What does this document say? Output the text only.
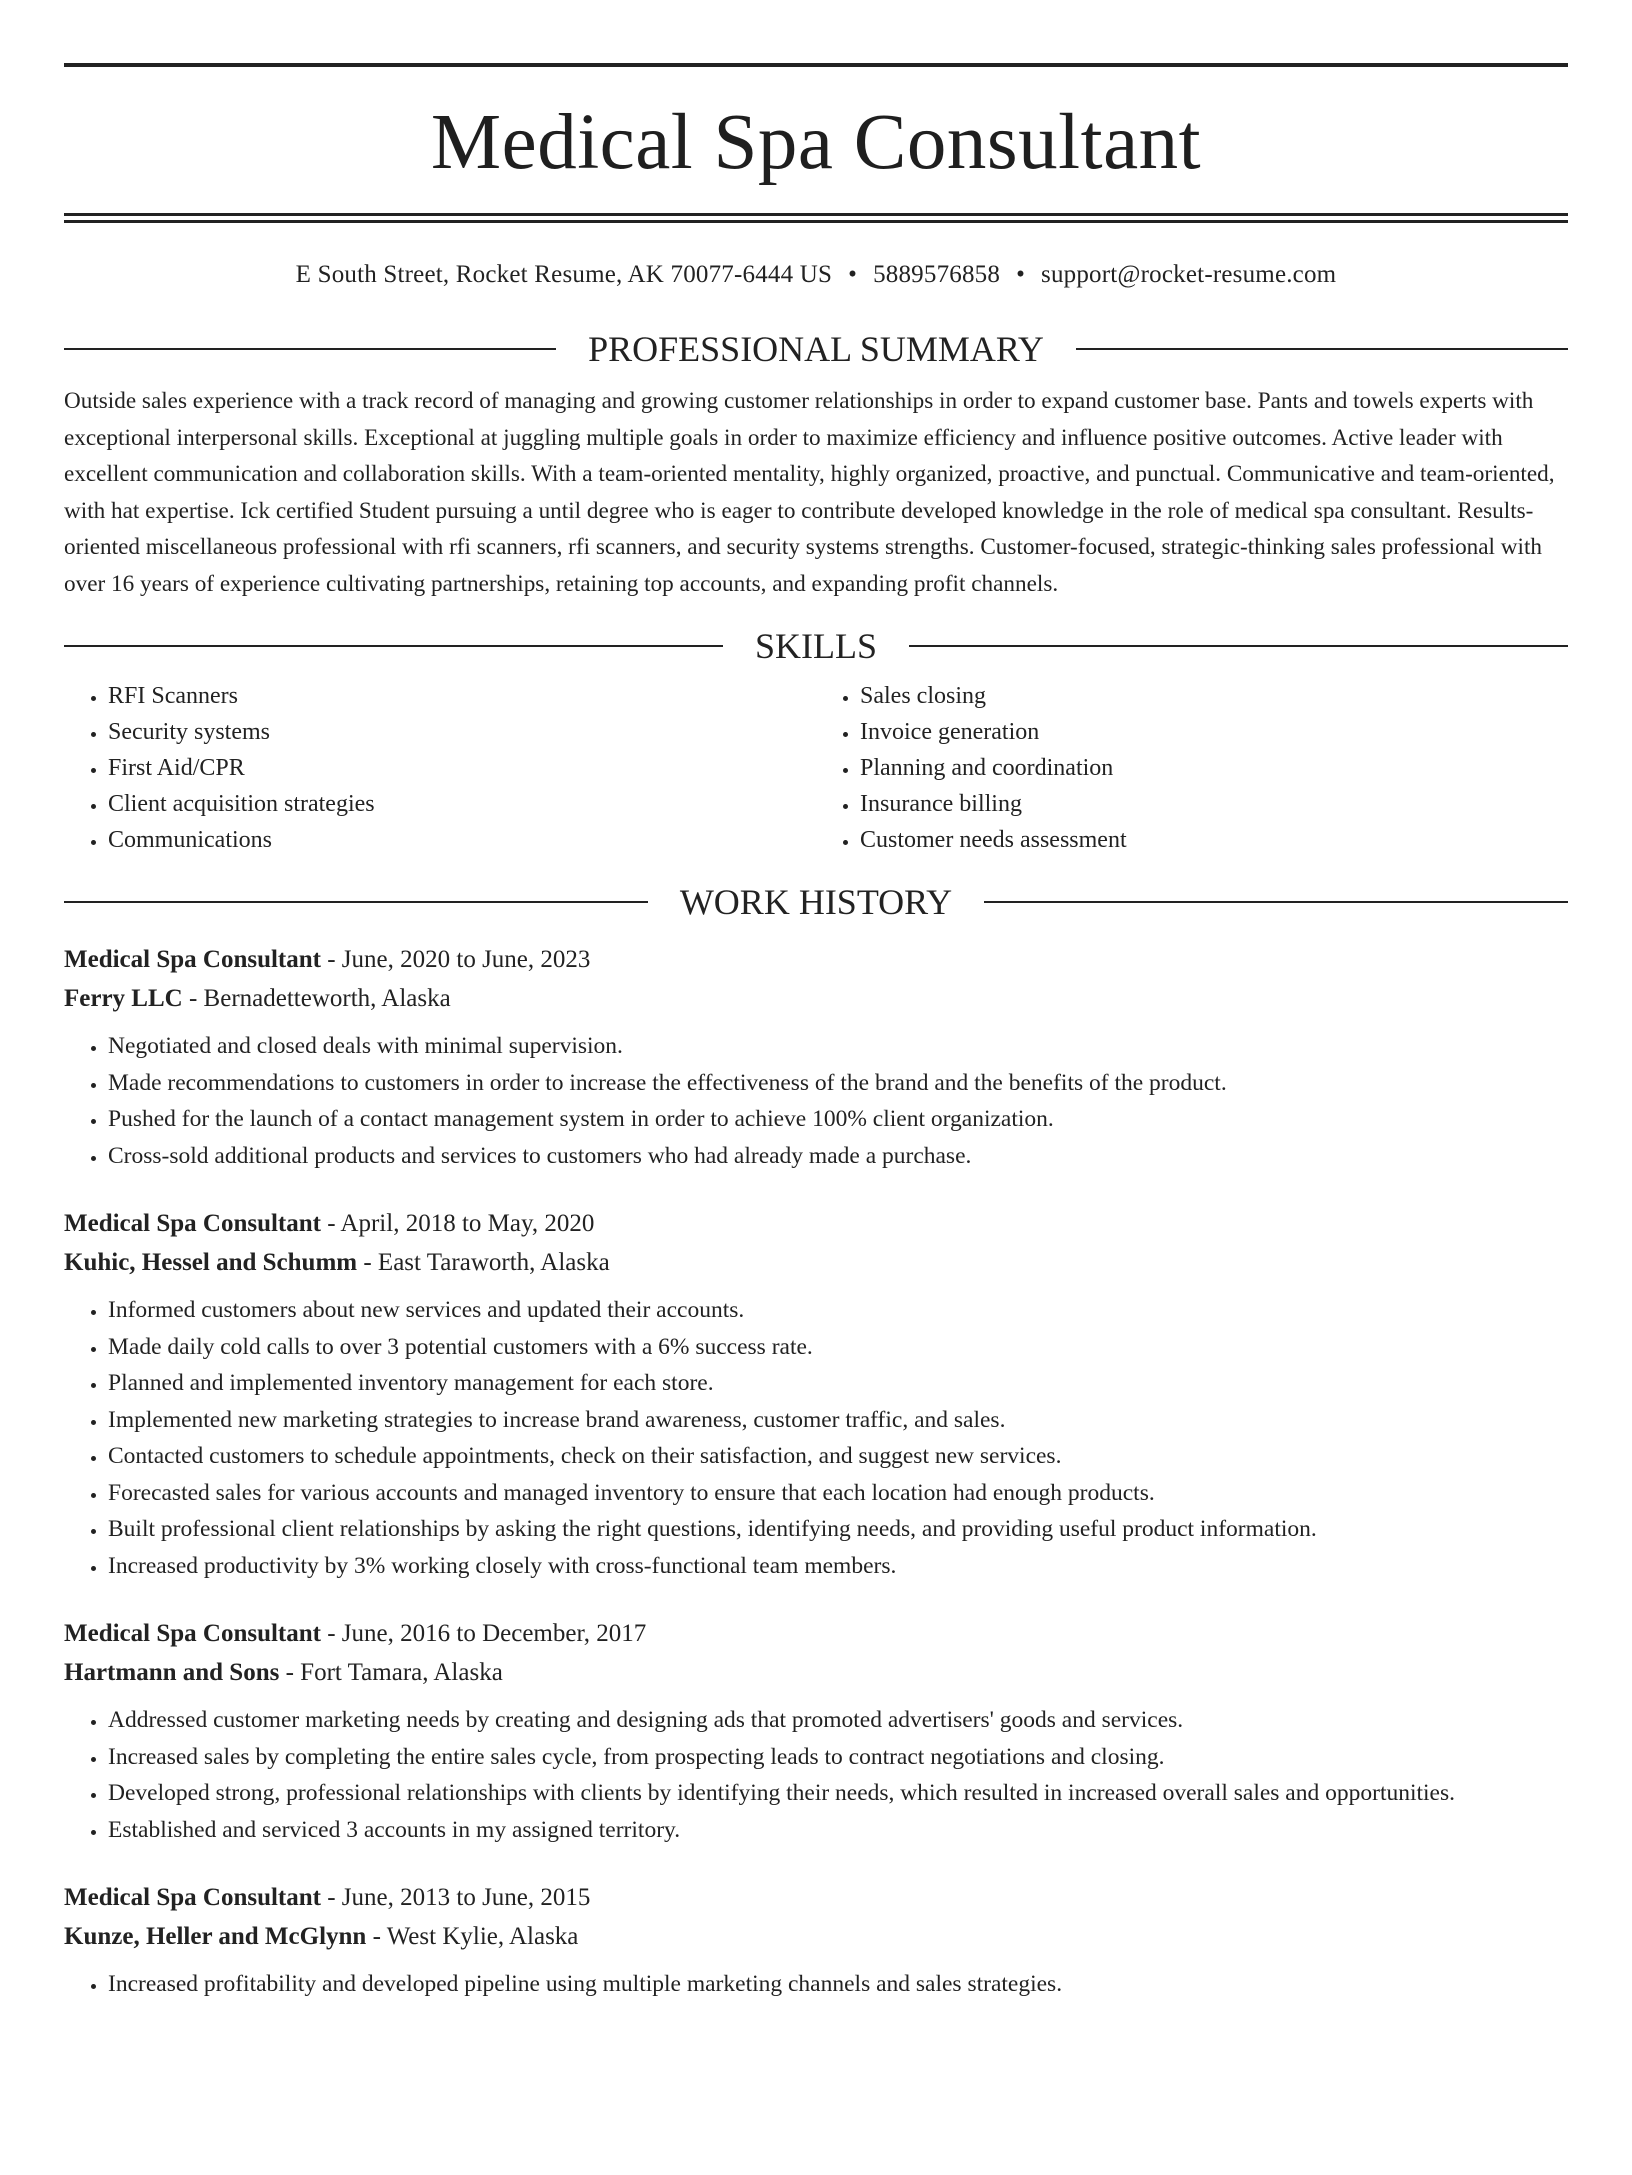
Medical Spa Consultant
E South Street, Rocket Resume, AK 70077-6444 US • 5889576858 • support@rocket-resume.com
PROFESSIONAL SUMMARY

Outside sales experience with a track record of managing and growing customer relationships in order to expand customer base. Pants and towels experts with exceptional interpersonal skills. Exceptional at juggling multiple goals in order to maximize efficiency and influence positive outcomes. Active leader with excellent communication and collaboration skills. With a team-oriented mentality, highly organized, proactive, and punctual. Communicative and team-oriented, with hat expertise. Ick certified Student pursuing a until degree who is eager to contribute developed knowledge in the role of medical spa consultant. Results-oriented miscellaneous professional with rfi scanners, rfi scanners, and security systems strengths. Customer-focused, strategic-thinking sales professional with over 16 years of experience cultivating partnerships, retaining top accounts, and expanding profit channels.

SKILLS
• RFI Scanners
• Security systems
• First Aid/CPR
• Client acquisition strategies
• Communications
• Sales closing
• Invoice generation
• Planning and coordination
• Insurance billing
• Customer needs assessment
WORK HISTORY
Medical Spa Consultant - June, 2020 to June, 2023
Ferry LLC - Bernadetteworth, Alaska
• Negotiated and closed deals with minimal supervision.
• Made recommendations to customers in order to increase the effectiveness of the brand and the benefits of the product.
• Pushed for the launch of a contact management system in order to achieve 100% client organization.
• Cross-sold additional products and services to customers who had already made a purchase.
Medical Spa Consultant - April, 2018 to May, 2020
Kuhic, Hessel and Schumm - East Taraworth, Alaska
• Informed customers about new services and updated their accounts.
• Made daily cold calls to over 3 potential customers with a 6% success rate.
• Planned and implemented inventory management for each store.
• Implemented new marketing strategies to increase brand awareness, customer traffic, and sales.
• Contacted customers to schedule appointments, check on their satisfaction, and suggest new services.
• Forecasted sales for various accounts and managed inventory to ensure that each location had enough products.
• Built professional client relationships by asking the right questions, identifying needs, and providing useful product information.
• Increased productivity by 3% working closely with cross-functional team members.
Medical Spa Consultant - June, 2016 to December, 2017
Hartmann and Sons - Fort Tamara, Alaska
• Addressed customer marketing needs by creating and designing ads that promoted advertisers' goods and services.
• Increased sales by completing the entire sales cycle, from prospecting leads to contract negotiations and closing.
• Developed strong, professional relationships with clients by identifying their needs, which resulted in increased overall sales and opportunities.
• Established and serviced 3 accounts in my assigned territory.
Medical Spa Consultant - June, 2013 to June, 2015
Kunze, Heller and McGlynn - West Kylie, Alaska
• Increased profitability and developed pipeline using multiple marketing channels and sales strategies.
